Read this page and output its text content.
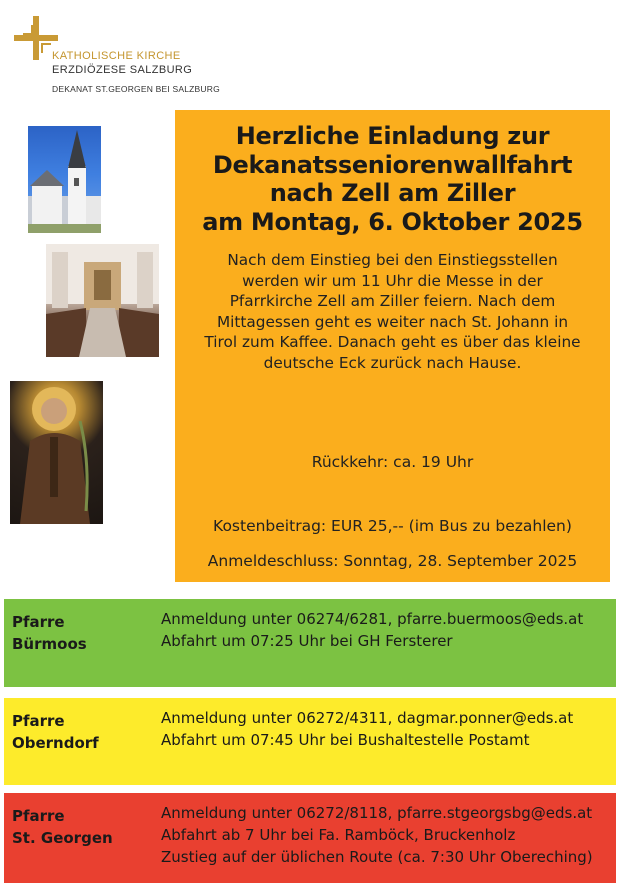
KATHOLISCHE KIRCHE
ERZDIÖZESE SALZBURG
DEKANAT ST.GEORGEN BEI SALZBURG
Herzliche Einladung zur
Dekanatsseniorenwallfahrt
nach Zell am Ziller
am Montag, 6. Oktober 2025
Nach dem Einstieg bei den Einstiegsstellen
werden wir um 11 Uhr die Messe in der
Pfarrkirche Zell am Ziller feiern. Nach dem
Mittagessen geht es weiter nach St. Johann in
Tirol zum Kaffee. Danach geht es über das kleine
deutsche Eck zurück nach Hause.
Rückkehr: ca. 19 Uhr
Kostenbeitrag: EUR 25,-- (im Bus zu bezahlen)
Anmeldeschluss: Sonntag, 28. September 2025
Pfarre
Bürmoos
Anmeldung unter 06274/6281, pfarre.buermoos@eds.at
Abfahrt um 07:25 Uhr bei GH Fersterer
Pfarre
Oberndorf
Anmeldung unter 06272/4311, dagmar.ponner@eds.at
Abfahrt um 07:45 Uhr bei Bushaltestelle Postamt
Pfarre
St. Georgen
Anmeldung unter 06272/8118, pfarre.stgeorgsbg@eds.at
Abfahrt ab 7 Uhr bei Fa. Ramböck, Bruckenholz
Zustieg auf der üblichen Route (ca. 7:30 Uhr Obereching)
